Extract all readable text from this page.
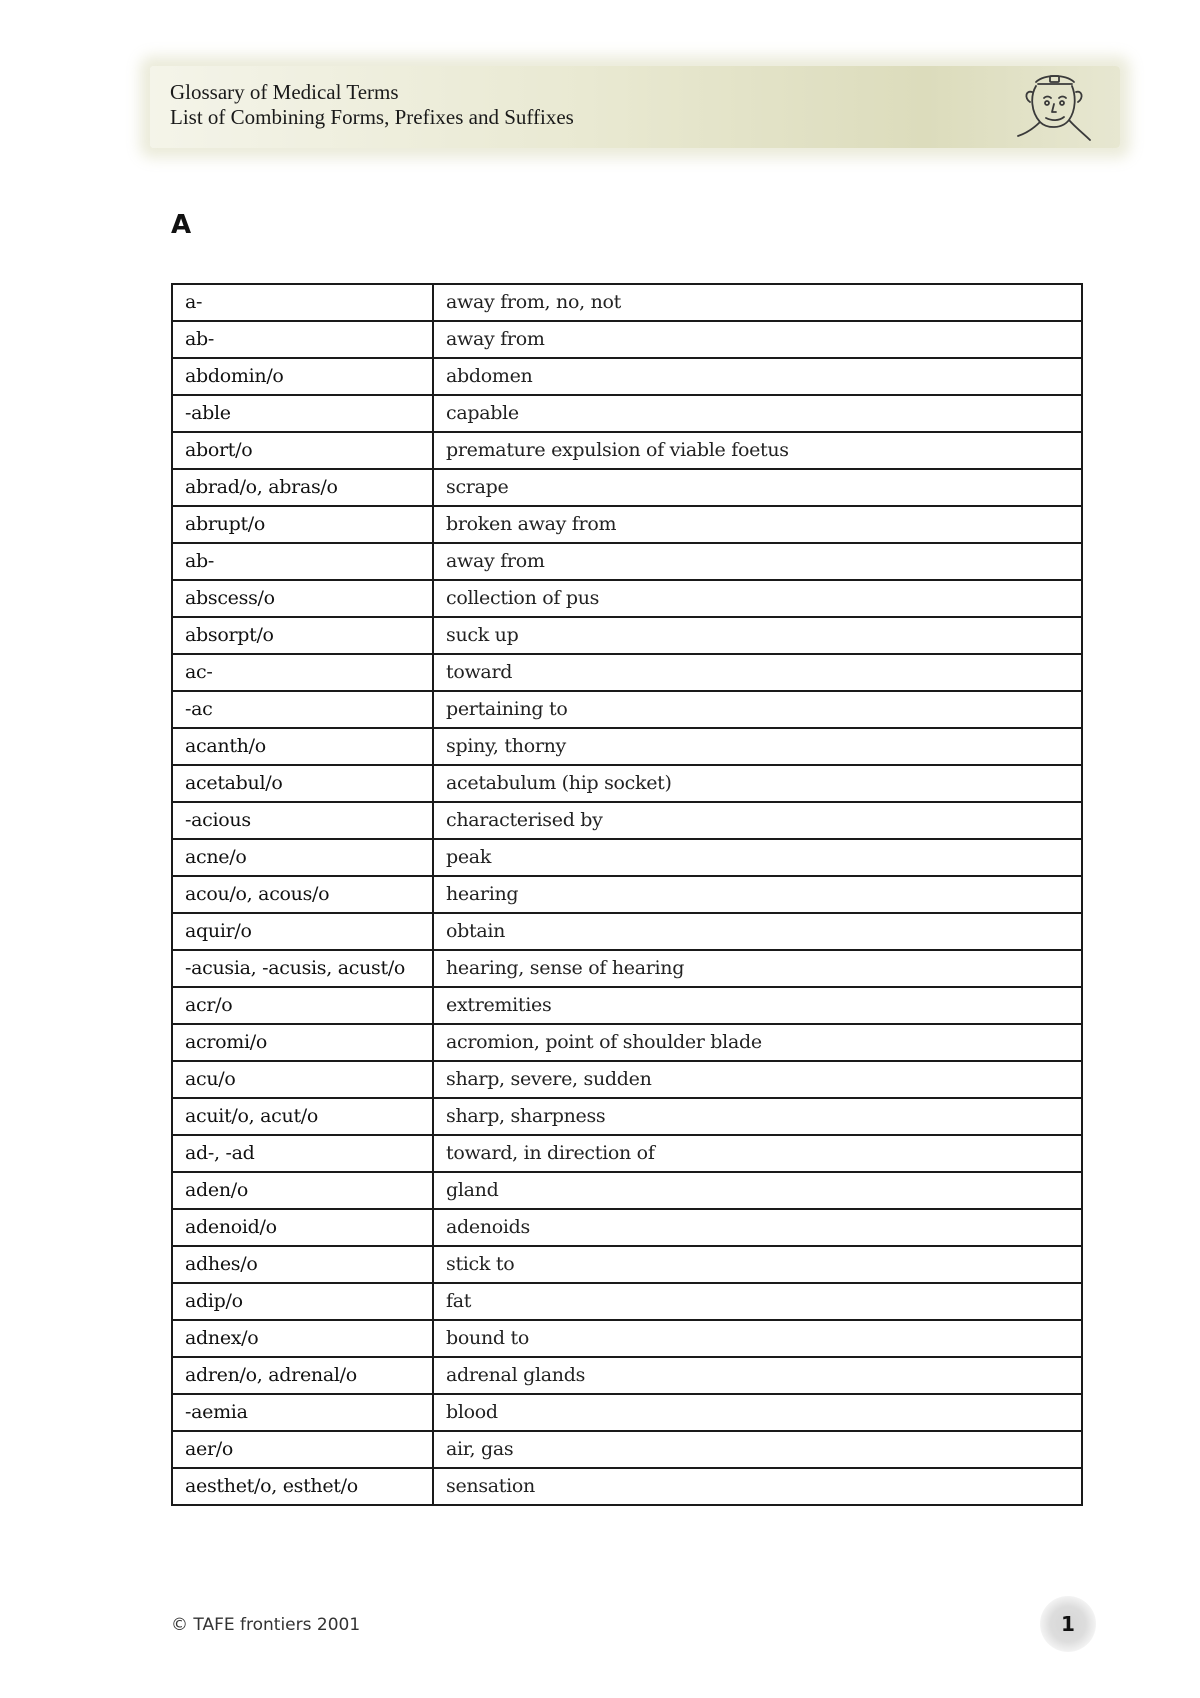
Glossary of Medical Terms
List of Combining Forms, Prefixes and Suffixes
A
a-	away from, no, not
ab-	away from
abdomin/o	abdomen
-able	capable
abort/o	premature expulsion of viable foetus
abrad/o, abras/o	scrape
abrupt/o	broken away from
ab-	away from
abscess/o	collection of pus
absorpt/o	suck up
ac-	toward
-ac	pertaining to
acanth/o	spiny, thorny
acetabul/o	acetabulum (hip socket)
-acious	characterised by
acne/o	peak
acou/o, acous/o	hearing
aquir/o	obtain
-acusia, -acusis, acust/o	hearing, sense of hearing
acr/o	extremities
acromi/o	acromion, point of shoulder blade
acu/o	sharp, severe, sudden
acuit/o, acut/o	sharp, sharpness
ad-, -ad	toward, in direction of
aden/o	gland
adenoid/o	adenoids
adhes/o	stick to
adip/o	fat
adnex/o	bound to
adren/o, adrenal/o	adrenal glands
-aemia	blood
aer/o	air, gas
aesthet/o, esthet/o	sensation
© TAFE frontiers 2001	1
